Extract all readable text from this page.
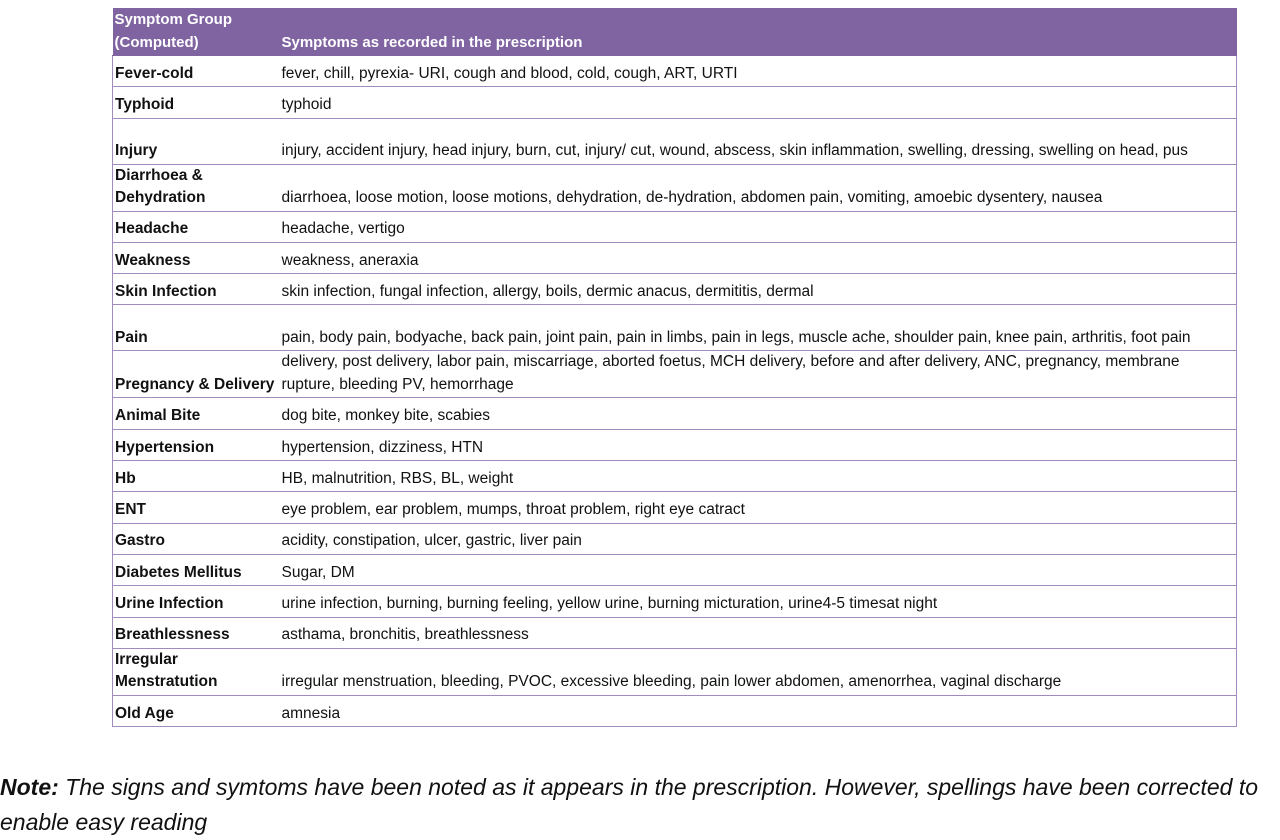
Symptom Group
(Computed)	Symptoms as recorded in the prescription
Fever-cold	fever, chill, pyrexia- URI, cough and blood, cold, cough, ART, URTI
Typhoid	typhoid
Injury	injury, accident injury, head injury, burn, cut, injury/ cut, wound, abscess, skin inflammation, swelling, dressing, swelling on head, pus
Diarrhoea & Dehydration	diarrhoea, loose motion, loose motions, dehydration, de-hydration, abdomen pain, vomiting, amoebic dysentery, nausea
Headache	headache, vertigo
Weakness	weakness, aneraxia
Skin Infection	skin infection, fungal infection, allergy, boils, dermic anacus, dermititis, dermal
Pain	pain, body pain, bodyache, back pain, joint pain, pain in limbs, pain in legs, muscle ache, shoulder pain, knee pain, arthritis, foot pain
Pregnancy & Delivery	delivery, post delivery, labor pain, miscarriage, aborted foetus, MCH delivery, before and after delivery, ANC, pregnancy, membrane rupture, bleeding PV, hemorrhage
Animal Bite	dog bite, monkey bite, scabies
Hypertension	hypertension, dizziness, HTN
Hb	HB, malnutrition, RBS, BL, weight
ENT	eye problem, ear problem, mumps, throat problem, right eye catract
Gastro	acidity, constipation, ulcer, gastric, liver pain
Diabetes Mellitus	Sugar, DM
Urine Infection	urine infection, burning, burning feeling, yellow urine, burning micturation, urine4-5 timesat night
Breathlessness	asthama, bronchitis, breathlessness
Irregular Menstratution	irregular menstruation, bleeding, PVOC, excessive bleeding, pain lower abdomen, amenorrhea, vaginal discharge
Old Age	amnesia
Note: The signs and symtoms have been noted as it appears in the prescription. However, spellings have been corrected to enable easy reading
